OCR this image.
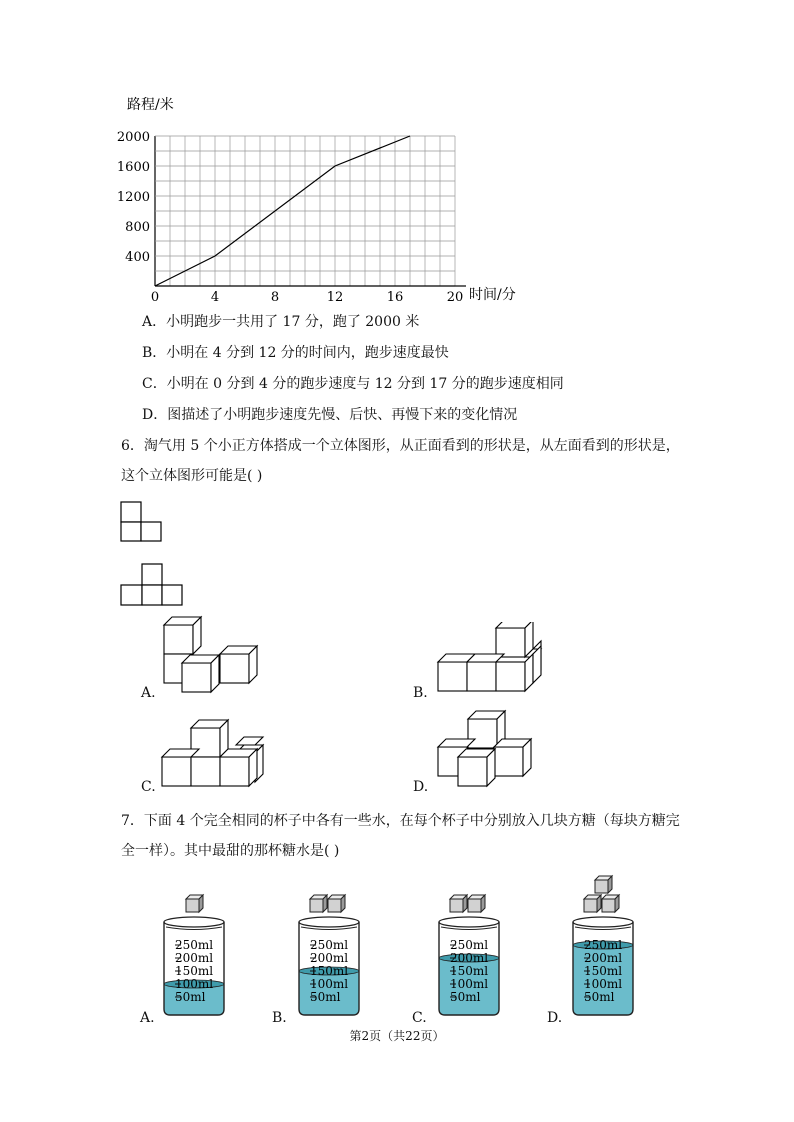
路程/米
时间/分
0	4	8	12	16	20
400
800
1200
1600
2000
A．小明跑步一共用了 17 分，跑了 2000 米
B．小明在 4 分到 12 分的时间内，跑步速度最快
C．小明在 0 分到 4 分的跑步速度与 12 分到 17 分的跑步速度相同
D．图描述了小明跑步速度先慢、后快、再慢下来的变化情况
6．淘气用 5 个小正方体搭成一个立体图形，从正面看到的形状是，从左面看到的形状是，
这个立体图形可能是( )
A.	B.
C.	D.
7．下面 4 个完全相同的杯子中各有一些水，在每个杯子中分别放入几块方糖（每块方糖完
全一样）。其中最甜的那杯糖水是( )
250ml
200ml
150ml
100ml
50ml
250ml
200ml
150ml
100ml
50ml
250ml
200ml
150ml
100ml
50ml
250ml
200ml
150ml
100ml
50ml
A.	B.	C.	D.
第2页（共22页）
